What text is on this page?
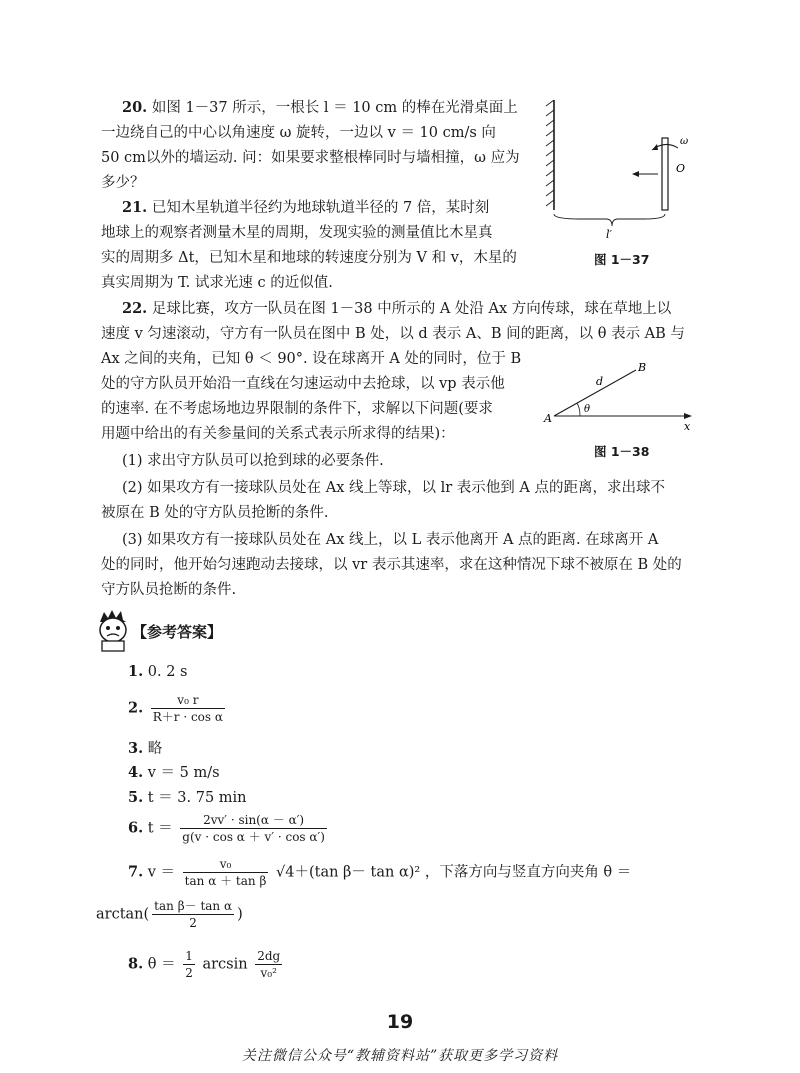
20. 如图 1－37 所示，一根长 l ＝ 10 cm 的棒在光滑桌面上
一边绕自己的中心以角速度 ω 旋转，一边以 v ＝ 10 cm/s 向
50 cm以外的墙运动. 问：如果要求整根棒同时与墙相撞，ω 应为
多少？
ω
O
l′
图 1－37
21. 已知木星轨道半径约为地球轨道半径的 7 倍，某时刻
地球上的观察者测量木星的周期，发现实验的测量值比木星真
实的周期多 Δt，已知木星和地球的转速度分别为 V 和 v，木星的
真实周期为 T. 试求光速 c 的近似值.
22. 足球比赛，攻方一队员在图 1－38 中所示的 A 处沿 Ax 方向传球，球在草地上以
速度 v 匀速滚动，守方有一队员在图中 B 处，以 d 表示 A、B 间的距离，以 θ 表示 AB 与
Ax 之间的夹角，已知 θ ＜ 90°. 设在球离开 A 处的同时，位于 B
处的守方队员开始沿一直线在匀速运动中去抢球，以 vp 表示他
的速率. 在不考虑场地边界限制的条件下，求解以下问题(要求
用题中给出的有关参量间的关系式表示所求得的结果)：
(1) 求出守方队员可以抢到球的必要条件.
(2) 如果攻方有一接球队员处在 Ax 线上等球，以 lr 表示他到 A 点的距离，求出球不
被原在 B 处的守方队员抢断的条件.
(3) 如果攻方有一接球队员处在 Ax 线上，以 L 表示他离开 A 点的距离. 在球离开 A
处的同时，他开始匀速跑动去接球，以 vr 表示其速率，求在这种情况下球不被原在 B 处的
守方队员抢断的条件.
A
B
d
θ
x
图 1－38
【参考答案】
1. 0. 2 s
2. $\frac{\text{v₀ r}}{\text{R＋r · cos α}}$
3. 略
4. v ＝ 5 m/s
5. t ＝ 3. 75 min
6. $t = \frac{2vv' \cdot \sin(\alpha - \alpha')}{\text{g(v · cos α ＋ v′ · cos α′)}}$
7. $v = \frac{\text{v₀}}{\text{tan α ＋ tan β}} √4+(\tan$ β－ tan α)² ，下落方向与竖直方向夹角 θ ＝
$\arctan( \frac{\text{tan β－ tan α}}{2}$ )
8. $\theta = \frac{1}{2}$ $\arcsin \frac{2dg}{\text{v₀²}}$
19
关注微信公众号“教辅资料站”获取更多学习资料
